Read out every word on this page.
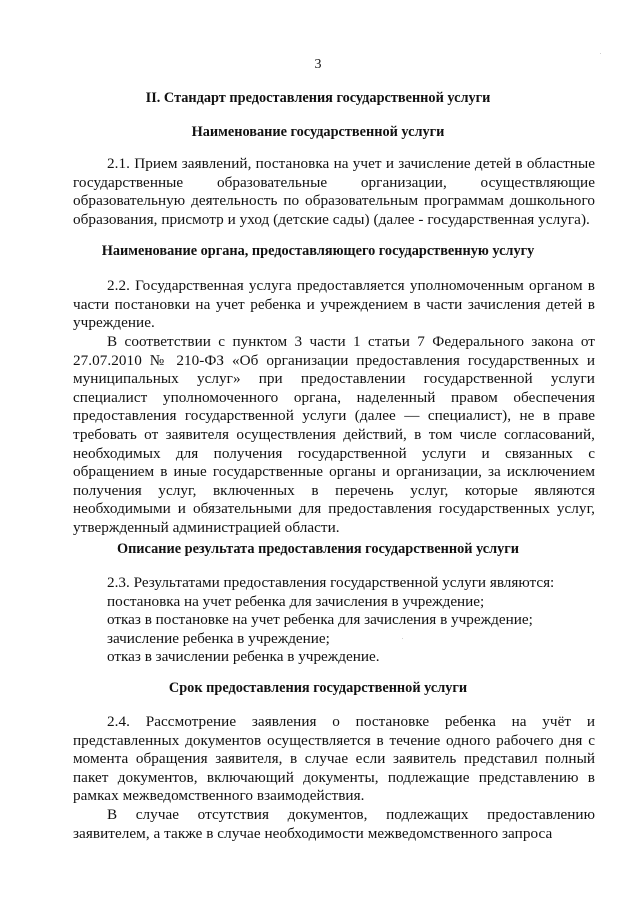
3
II. Стандарт предоставления государственной услуги
Наименование государственной услуги
2.1. Прием заявлений, постановка на учет и зачисление детей в областные государственные образовательные организации, осуществляющие образовательную деятельность по образовательным программам дошкольного образования, присмотр и уход (детские сады) (далее - государственная услуга).
Наименование органа, предоставляющего государственную услугу
2.2. Государственная услуга предоставляется уполномоченным органом в части постановки на учет ребенка и учреждением в части зачисления детей в учреждение.
В соответствии с пунктом 3 части 1 статьи 7 Федерального закона от 27.07.2010 № 210-ФЗ «Об организации предоставления государственных и муниципальных услуг» при предоставлении государственной услуги специалист уполномоченного органа, наделенный правом обеспечения предоставления государственной услуги (далее — специалист), не в праве требовать от заявителя осуществления действий, в том числе согласований, необходимых для получения государственной услуги и связанных с обращением в иные государственные органы и организации, за исключением получения услуг, включенных в перечень услуг, которые являются необходимыми и обязательными для предоставления государственных услуг, утвержденный администрацией области.
Описание результата предоставления государственной услуги
2.3. Результатами предоставления государственной услуги являются:
постановка на учет ребенка для зачисления в учреждение;
отказ в постановке на учет ребенка для зачисления в учреждение;
зачисление ребенка в учреждение;
отказ в зачислении ребенка в учреждение.
Срок предоставления государственной услуги
2.4. Рассмотрение заявления о постановке ребенка на учёт и представленных документов осуществляется в течение одного рабочего дня с момента обращения заявителя, в случае если заявитель представил полный пакет документов, включающий документы, подлежащие представлению в рамках межведомственного взаимодействия.
В случае отсутствия документов, подлежащих предоставлению заявителем, а также в случае необходимости межведомственного запроса
